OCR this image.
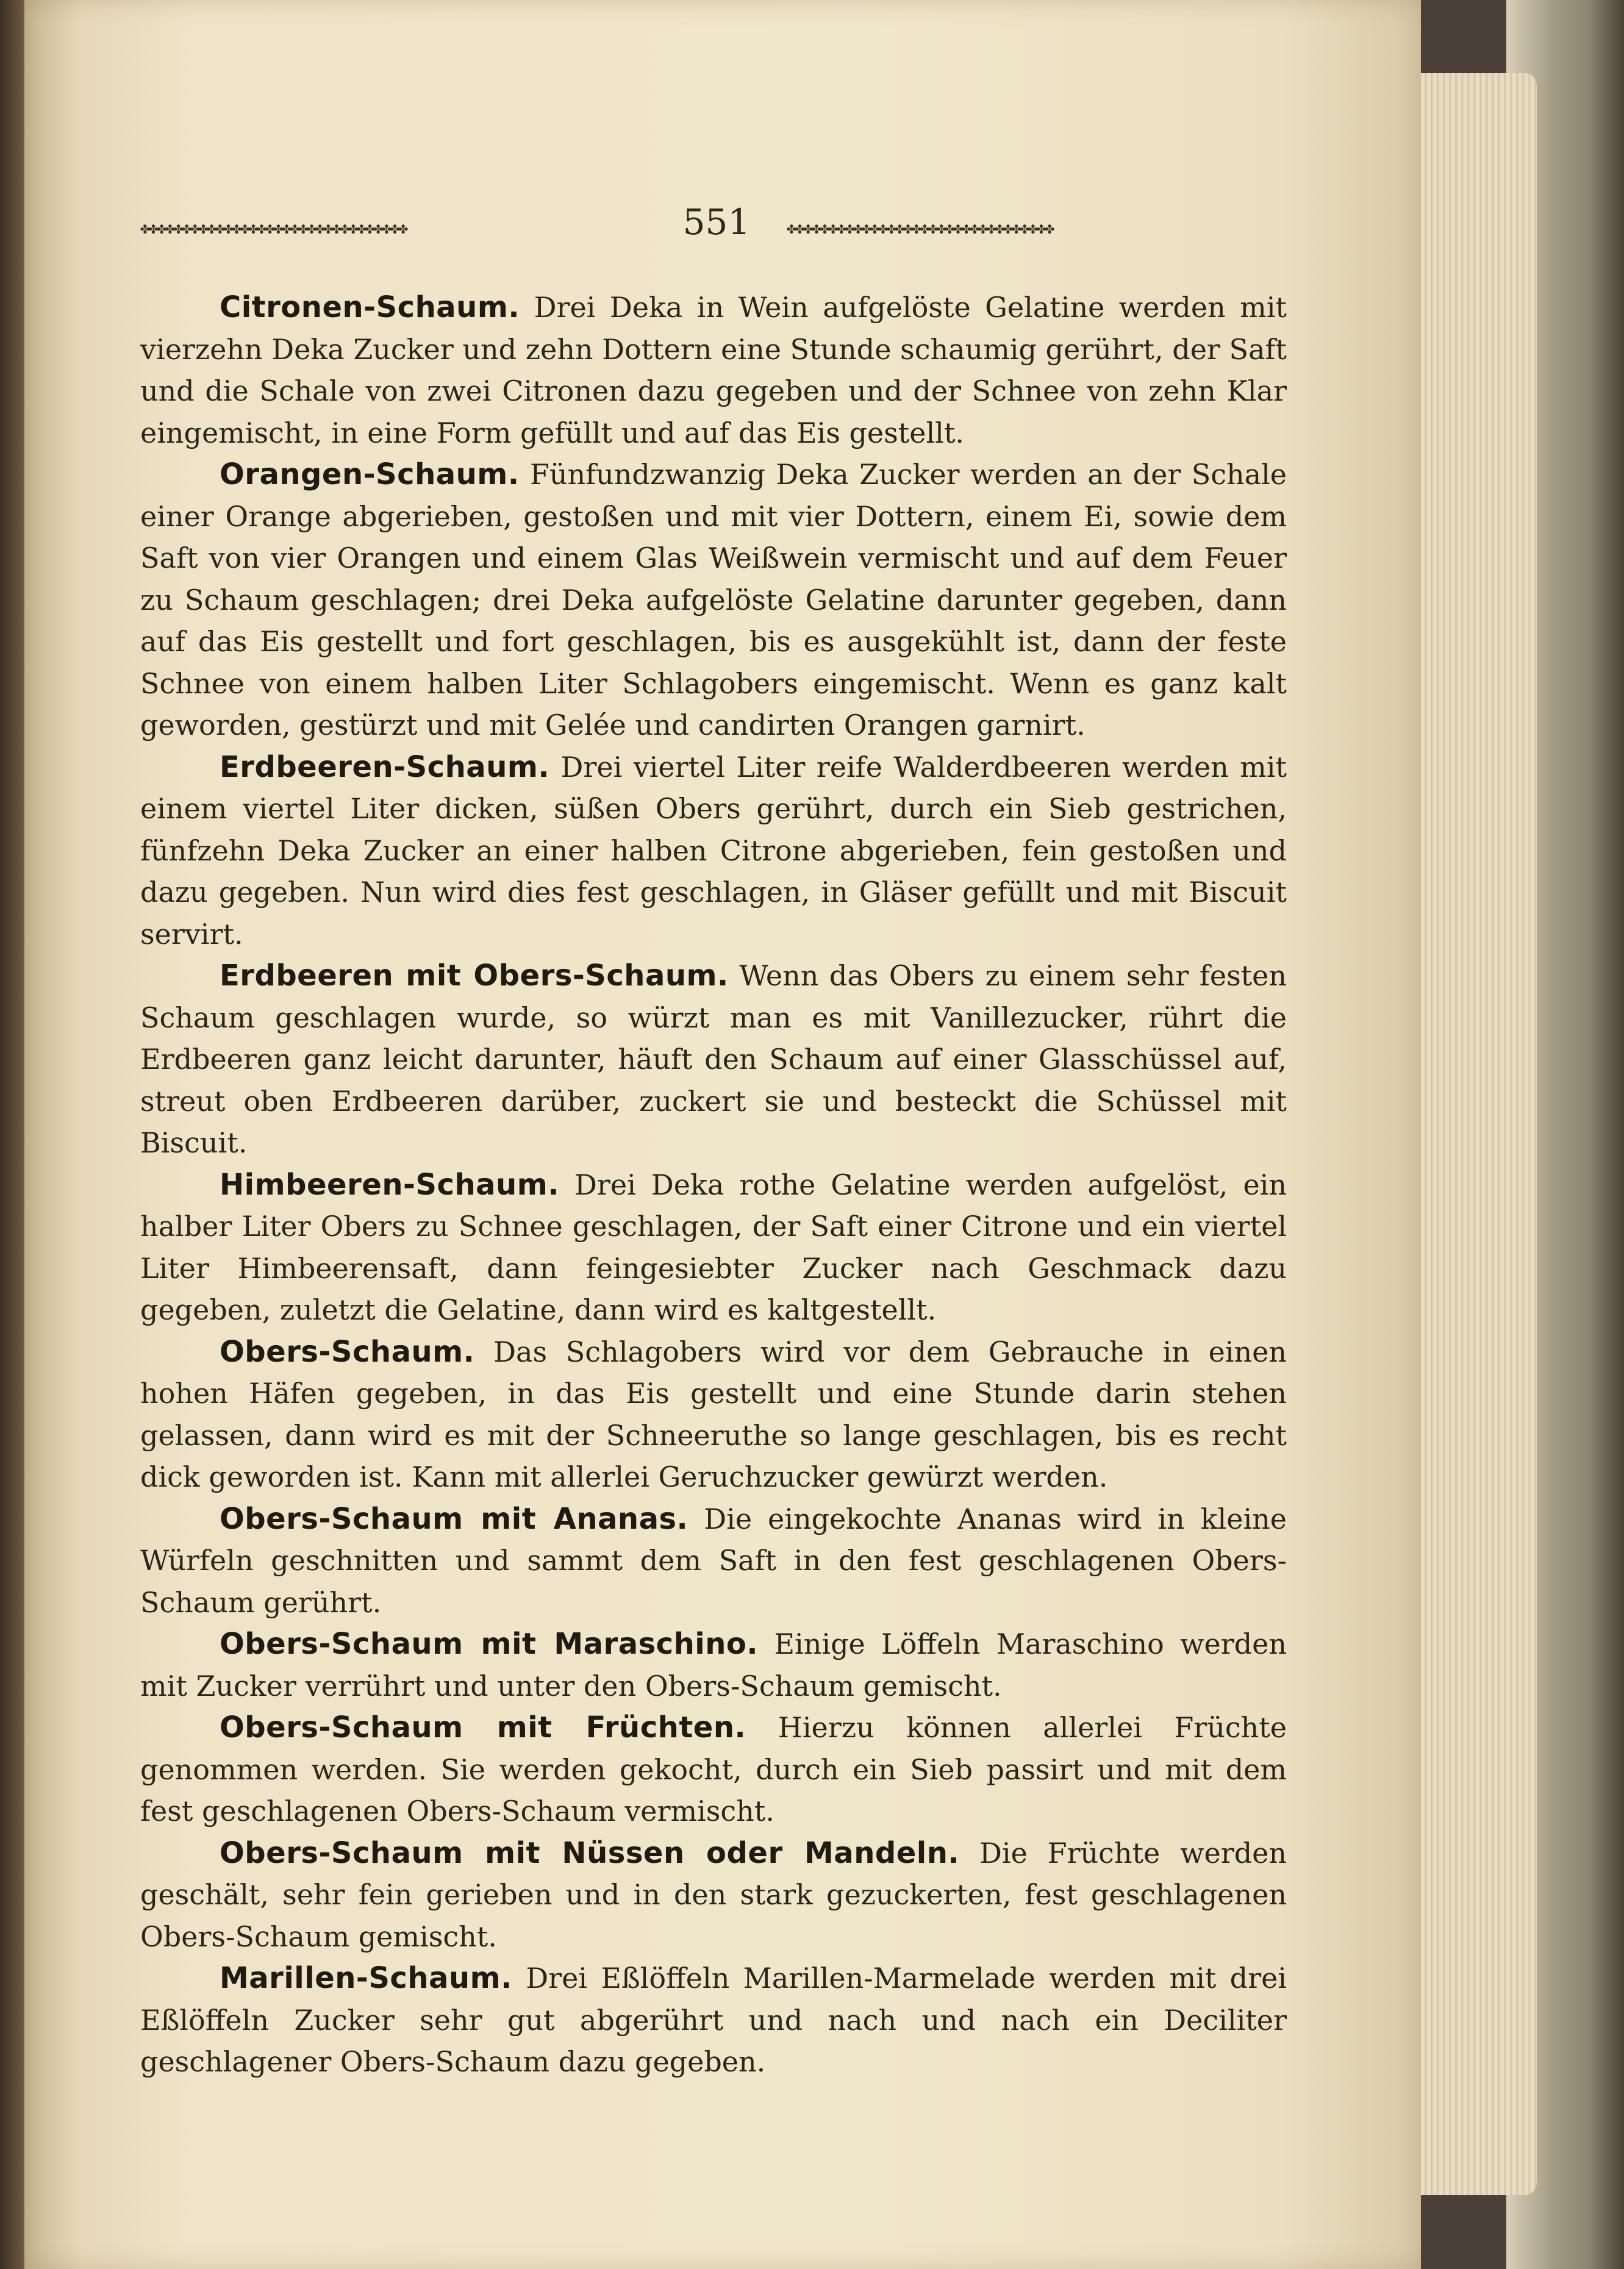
✤✤✤✤✤✤✤✤✤✤✤✤✤✤✤✤✤✤✤✤✤✤✤✤✤✤✤✤✤✤✤✤	551	✤✤✤✤✤✤✤✤✤✤✤✤✤✤✤✤✤✤✤✤✤✤✤✤✤✤✤✤✤✤✤✤

Citronen-Schaum. Drei Deka in Wein aufgelöste Gelatine werden mit vierzehn Deka Zucker und zehn Dottern eine Stunde schaumig gerührt, der Saft und die Schale von zwei Citronen dazu gegeben und der Schnee von zehn Klar eingemischt, in eine Form gefüllt und auf das Eis gestellt.

Orangen-Schaum. Fünfundzwanzig Deka Zucker werden an der Schale einer Orange abgerieben, gestoßen und mit vier Dottern, einem Ei, sowie dem Saft von vier Orangen und einem Glas Weißwein vermischt und auf dem Feuer zu Schaum geschlagen; drei Deka aufgelöste Gelatine darunter gegeben, dann auf das Eis gestellt und fort geschlagen, bis es ausgekühlt ist, dann der feste Schnee von einem halben Liter Schlagobers eingemischt. Wenn es ganz kalt geworden, gestürzt und mit Gelée und candirten Orangen garnirt.

Erdbeeren-Schaum. Drei viertel Liter reife Walderdbeeren werden mit einem viertel Liter dicken, süßen Obers gerührt, durch ein Sieb gestrichen, fünfzehn Deka Zucker an einer halben Citrone abgerieben, fein gestoßen und dazu gegeben. Nun wird dies fest geschlagen, in Gläser gefüllt und mit Biscuit servirt.

Erdbeeren mit Obers-Schaum. Wenn das Obers zu einem sehr festen Schaum geschlagen wurde, so würzt man es mit Vanillezucker, rührt die Erdbeeren ganz leicht darunter, häuft den Schaum auf einer Glasschüssel auf, streut oben Erdbeeren darüber, zuckert sie und besteckt die Schüssel mit Biscuit.

Himbeeren-Schaum. Drei Deka rothe Gelatine werden aufgelöst, ein halber Liter Obers zu Schnee geschlagen, der Saft einer Citrone und ein viertel Liter Himbeerensaft, dann feingesiebter Zucker nach Geschmack dazu gegeben, zuletzt die Gelatine, dann wird es kaltgestellt.

Obers-Schaum. Das Schlagobers wird vor dem Gebrauche in einen hohen Häfen gegeben, in das Eis gestellt und eine Stunde darin stehen gelassen, dann wird es mit der Schneeruthe so lange geschlagen, bis es recht dick geworden ist. Kann mit allerlei Geruchzucker gewürzt werden.

Obers-Schaum mit Ananas. Die eingekochte Ananas wird in kleine Würfeln geschnitten und sammt dem Saft in den fest geschlagenen Obers-Schaum gerührt.

Obers-Schaum mit Maraschino. Einige Löffeln Maraschino werden mit Zucker verrührt und unter den Obers-Schaum gemischt.

Obers-Schaum mit Früchten. Hierzu können allerlei Früchte genommen werden. Sie werden gekocht, durch ein Sieb passirt und mit dem fest geschlagenen Obers-Schaum vermischt.

Obers-Schaum mit Nüssen oder Mandeln. Die Früchte werden geschält, sehr fein gerieben und in den stark gezuckerten, fest geschlagenen Obers-Schaum gemischt.

Marillen-Schaum. Drei Eßlöffeln Marillen-Marmelade werden mit drei Eßlöffeln Zucker sehr gut abgerührt und nach und nach ein Deciliter geschlagener Obers-Schaum dazu gegeben.
